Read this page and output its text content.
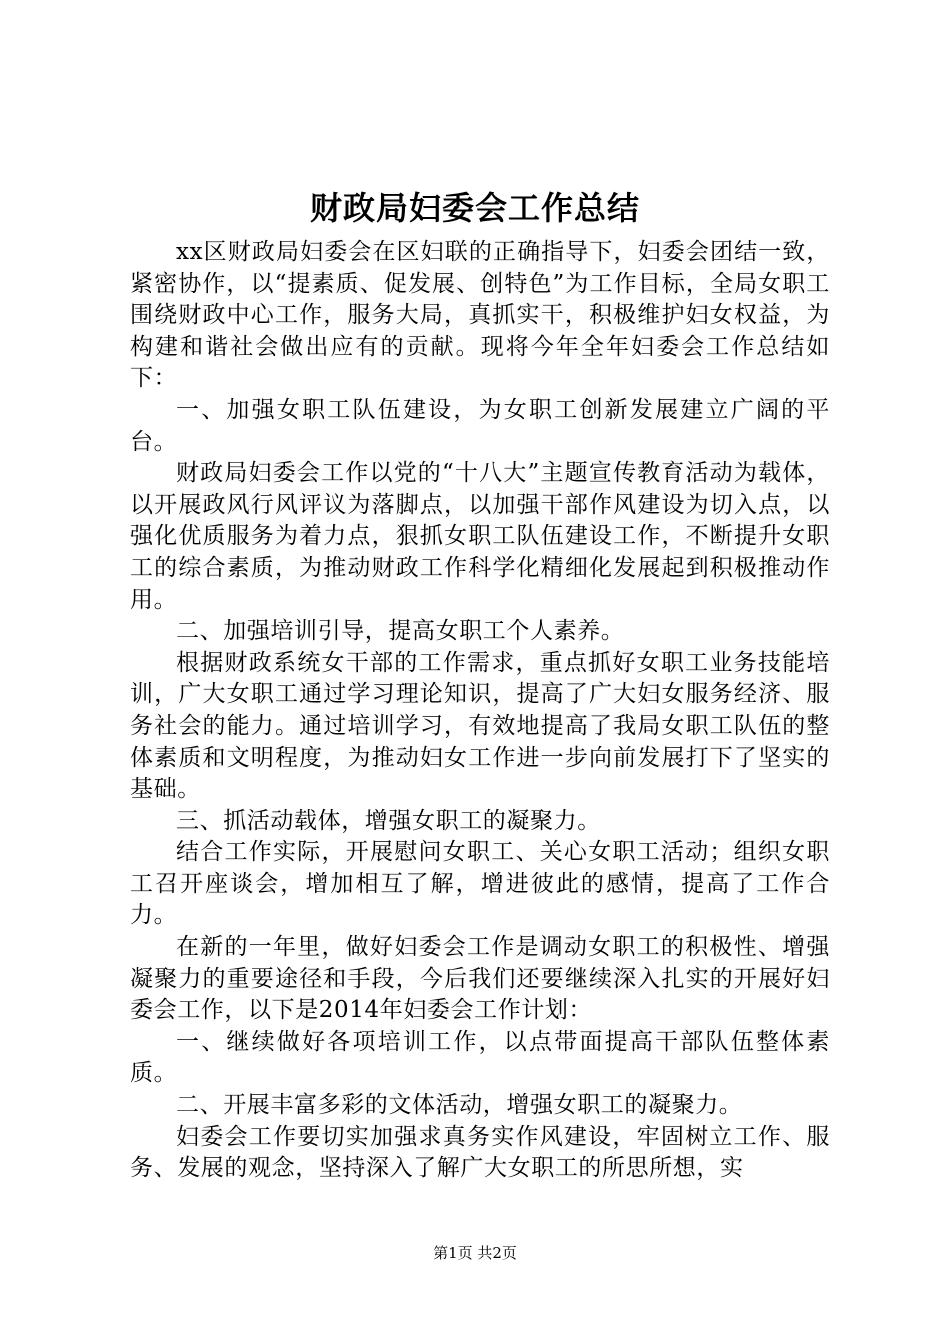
财政局妇委会工作总结

xx区财政局妇委会在区妇联的正确指导下，妇委会团结一致，紧密协作，以“提素质、促发展、创特色”为工作目标，全局女职工围绕财政中心工作，服务大局，真抓实干，积极维护妇女权益，为构建和谐社会做出应有的贡献。现将今年全年妇委会工作总结如下：

一、加强女职工队伍建设，为女职工创新发展建立广阔的平台。

财政局妇委会工作以党的“十八大”主题宣传教育活动为载体，以开展政风行风评议为落脚点，以加强干部作风建设为切入点，以强化优质服务为着力点，狠抓女职工队伍建设工作，不断提升女职工的综合素质，为推动财政工作科学化精细化发展起到积极推动作用。

二、加强培训引导，提高女职工个人素养。

根据财政系统女干部的工作需求，重点抓好女职工业务技能培训，广大女职工通过学习理论知识，提高了广大妇女服务经济、服务社会的能力。通过培训学习，有效地提高了我局女职工队伍的整体素质和文明程度，为推动妇女工作进一步向前发展打下了坚实的基础。

三、抓活动载体，增强女职工的凝聚力。

结合工作实际，开展慰问女职工、关心女职工活动；组织女职工召开座谈会，增加相互了解，增进彼此的感情，提高了工作合力。

在新的一年里，做好妇委会工作是调动女职工的积极性、增强凝聚力的重要途径和手段，今后我们还要继续深入扎实的开展好妇委会工作，以下是2014年妇委会工作计划：

一、继续做好各项培训工作，以点带面提高干部队伍整体素质。

二、开展丰富多彩的文体活动，增强女职工的凝聚力。

妇委会工作要切实加强求真务实作风建设，牢固树立工作、服务、发展的观念，坚持深入了解广大女职工的所思所想，实

第1页 共2页
